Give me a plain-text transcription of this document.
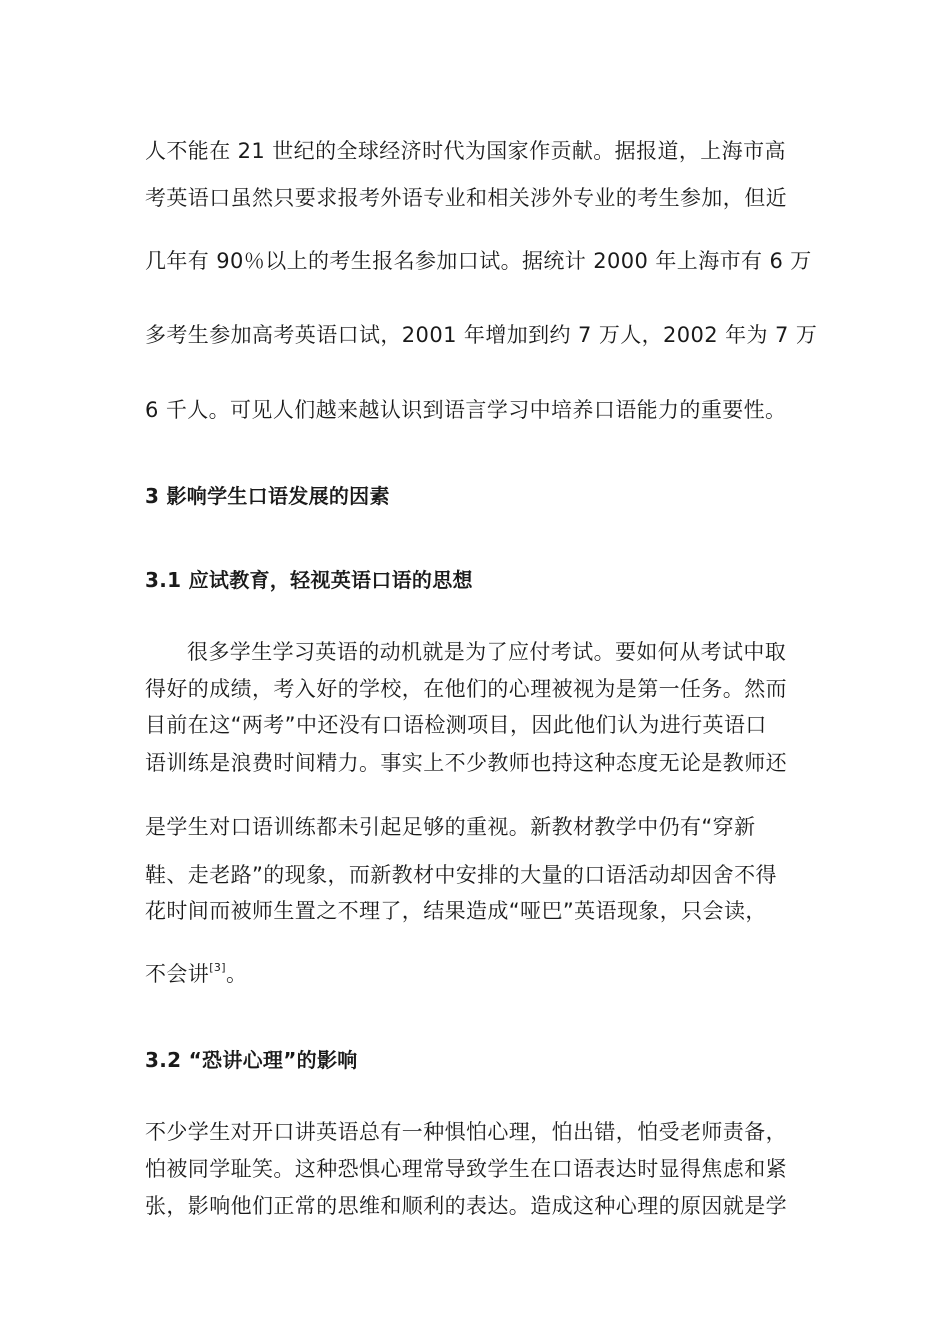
人不能在 21 世纪的全球经济时代为国家作贡献。据报道，上海市高
考英语口虽然只要求报考外语专业和相关涉外专业的考生参加，但近
几年有 90％以上的考生报名参加口试。据统计 2000 年上海市有 6 万
多考生参加高考英语口试，2001 年增加到约 7 万人，2002 年为 7 万
6 千人。可见人们越来越认识到语言学习中培养口语能力的重要性。
3 影响学生口语发展的因素
3.1 应试教育，轻视英语口语的思想
很多学生学习英语的动机就是为了应付考试。要如何从考试中取
得好的成绩，考入好的学校，在他们的心理被视为是第一任务。然而
目前在这“两考”中还没有口语检测项目，因此他们认为进行英语口
语训练是浪费时间精力。事实上不少教师也持这种态度无论是教师还
是学生对口语训练都未引起足够的重视。新教材教学中仍有“穿新
鞋、走老路”的现象，而新教材中安排的大量的口语活动却因舍不得
花时间而被师生置之不理了，结果造成“哑巴”英语现象，只会读，
不会讲[3]。
3.2 “恐讲心理”的影响
不少学生对开口讲英语总有一种惧怕心理，怕出错，怕受老师责备，
怕被同学耻笑。这种恐惧心理常导致学生在口语表达时显得焦虑和紧
张，影响他们正常的思维和顺利的表达。造成这种心理的原因就是学
